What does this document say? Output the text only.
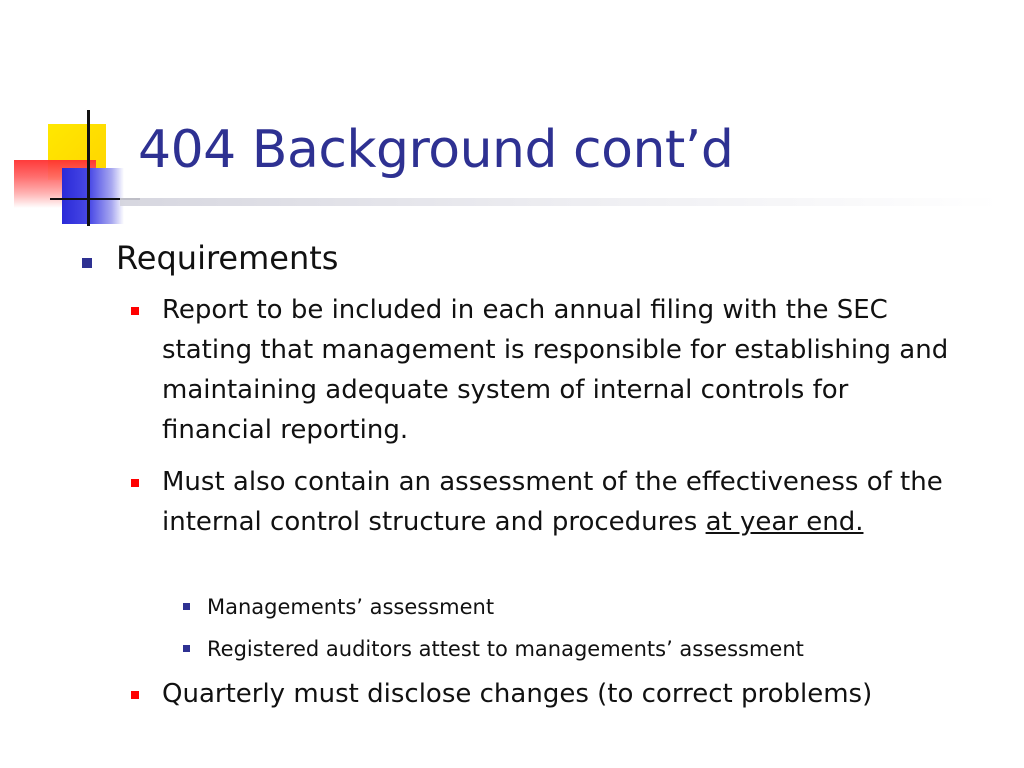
404 Background cont’d
Requirements
Report to be included in each annual filing with the SEC stating that management is responsible for establishing and maintaining adequate system of internal controls for financial reporting.
Must also contain an assessment of the effectiveness of the internal control structure and procedures at year end.
Managements’ assessment
Registered auditors attest to managements’ assessment
Quarterly must disclose changes (to correct problems)
